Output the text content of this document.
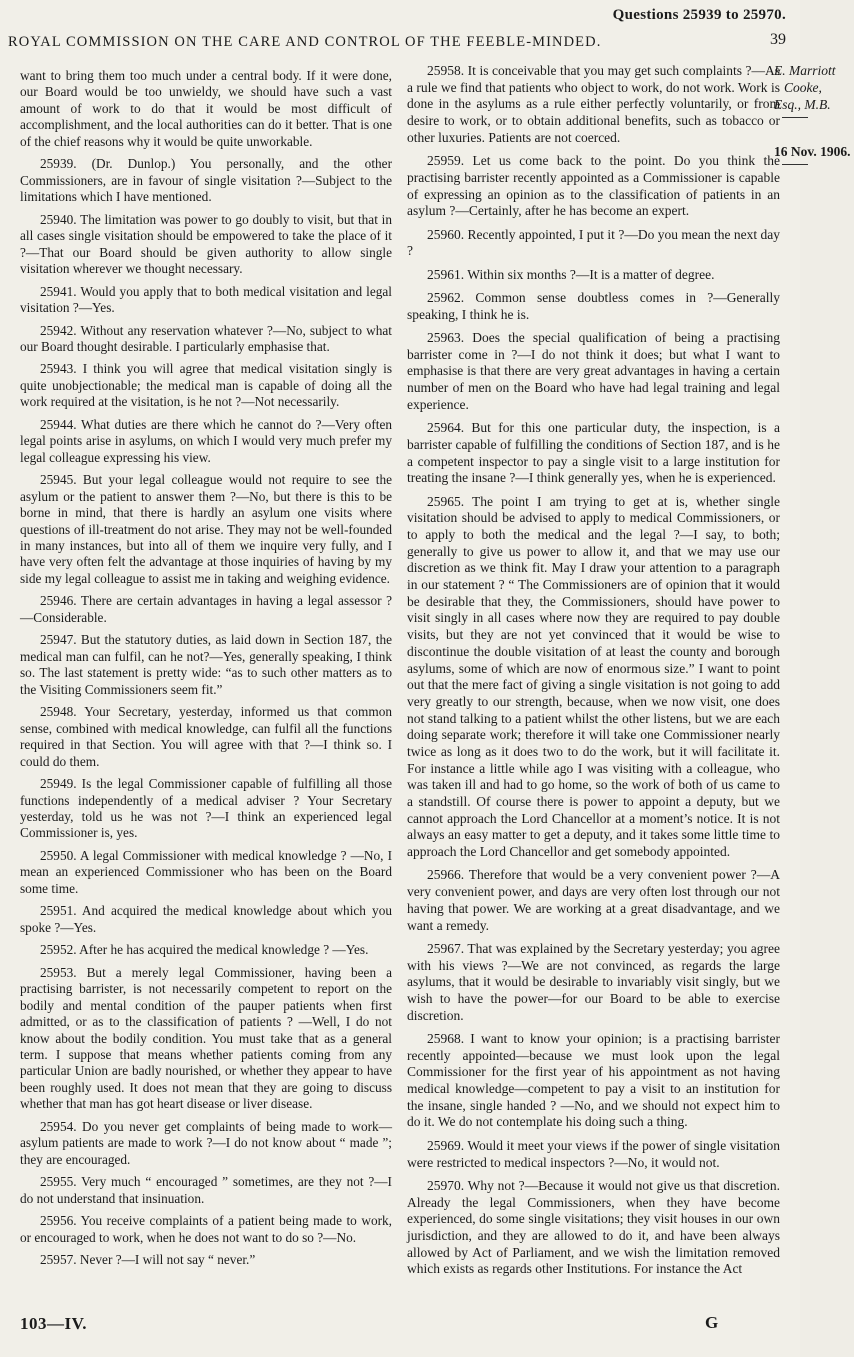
Questions 25939 to 25970.
ROYAL COMMISSION ON THE CARE AND CONTROL OF THE FEEBLE-MINDED.	39

want to bring them too much under a central body. If it were done, our Board would be too unwieldy, we should have such a vast amount of work to do that it would be most difficult of accomplishment, and the local authorities can do it better. That is one of the chief reasons why it would be quite unworkable.

25939. (Dr. Dunlop.) You personally, and the other Commissioners, are in favour of single visitation ?—Subject to the limitations which I have mentioned.

25940. The limitation was power to go doubly to visit, but that in all cases single visitation should be empowered to take the place of it ?—That our Board should be given authority to allow single visitation wherever we thought necessary.

25941. Would you apply that to both medical visitation and legal visitation ?—Yes.

25942. Without any reservation whatever ?—No, subject to what our Board thought desirable. I particularly emphasise that.

25943. I think you will agree that medical visitation singly is quite unobjectionable; the medical man is capable of doing all the work required at the visitation, is he not ?—Not necessarily.

25944. What duties are there which he cannot do ?—Very often legal points arise in asylums, on which I would very much prefer my legal colleague expressing his view.

25945. But your legal colleague would not require to see the asylum or the patient to answer them ?—No, but there is this to be borne in mind, that there is hardly an asylum one visits where questions of ill-treatment do not arise. They may not be well-founded in many instances, but into all of them we inquire very fully, and I have very often felt the advantage at those inquiries of having by my side my legal colleague to assist me in taking and weighing evidence.

25946. There are certain advantages in having a legal assessor ?—Considerable.

25947. But the statutory duties, as laid down in Section 187, the medical man can fulfil, can he not?—Yes, generally speaking, I think so. The last statement is pretty wide: “as to such other matters as to the Visiting Commissioners seem fit.”

25948. Your Secretary, yesterday, informed us that common sense, combined with medical knowledge, can fulfil all the functions required in that Section. You will agree with that ?—I think so. I could do them.

25949. Is the legal Commissioner capable of fulfilling all those functions independently of a medical adviser ? Your Secretary yesterday, told us he was not ?—I think an experienced legal Commissioner is, yes.

25950. A legal Commissioner with medical knowledge ? —No, I mean an experienced Commissioner who has been on the Board some time.

25951. And acquired the medical knowledge about which you spoke ?—Yes.

25952. After he has acquired the medical knowledge ? —Yes.

25953. But a merely legal Commissioner, having been a practising barrister, is not necessarily competent to report on the bodily and mental condition of the pauper patients when first admitted, or as to the classification of patients ? —Well, I do not know about the bodily condition. You must take that as a general term. I suppose that means whether patients coming from any particular Union are badly nourished, or whether they appear to have been roughly used. It does not mean that they are going to discuss whether that man has got heart disease or liver disease.

25954. Do you never get complaints of being made to work—asylum patients are made to work ?—I do not know about “ made ”; they are encouraged.

25955. Very much “ encouraged ” sometimes, are they not ?—I do not understand that insinuation.

25956. You receive complaints of a patient being made to work, or encouraged to work, when he does not want to do so ?—No.

25957. Never ?—I will not say “ never.”

25958. It is conceivable that you may get such complaints ?—As a rule we find that patients who object to work, do not work. Work is done in the asylums as a rule either perfectly voluntarily, or from desire to work, or to obtain additional benefits, such as tobacco or other luxuries. Patients are not coerced.

25959. Let us come back to the point. Do you think the practising barrister recently appointed as a Commissioner is capable of expressing an opinion as to the classification of patients in an asylum ?—Certainly, after he has become an expert.

25960. Recently appointed, I put it ?—Do you mean the next day ?

25961. Within six months ?—It is a matter of degree.

25962. Common sense doubtless comes in ?—Generally speaking, I think he is.

25963. Does the special qualification of being a practising barrister come in ?—I do not think it does; but what I want to emphasise is that there are very great advantages in having a certain number of men on the Board who have had legal training and legal experience.

25964. But for this one particular duty, the inspection, is a barrister capable of fulfilling the conditions of Section 187, and is he a competent inspector to pay a single visit to a large institution for treating the insane ?—I think generally yes, when he is experienced.

25965. The point I am trying to get at is, whether single visitation should be advised to apply to medical Commissioners, or to apply to both the medical and the legal ?—I say, to both; generally to give us power to allow it, and that we may use our discretion as we think fit. May I draw your attention to a paragraph in our statement ? “ The Commissioners are of opinion that it would be desirable that they, the Commissioners, should have power to visit singly in all cases where now they are required to pay double visits, but they are not yet convinced that it would be wise to discontinue the double visitation of at least the county and borough asylums, some of which are now of enormous size.” I want to point out that the mere fact of giving a single visitation is not going to add very greatly to our strength, because, when we now visit, one does not stand talking to a patient whilst the other listens, but we are each doing separate work; therefore it will take one Commissioner nearly twice as long as it does two to do the work, but it will facilitate it. For instance a little while ago I was visiting with a colleague, who was taken ill and had to go home, so the work of both of us came to a standstill. Of course there is power to appoint a deputy, but we cannot approach the Lord Chancellor at a moment’s notice. It is not always an easy matter to get a deputy, and it takes some little time to approach the Lord Chancellor and get somebody appointed.

25966. Therefore that would be a very convenient power ?—A very convenient power, and days are very often lost through our not having that power. We are working at a great disadvantage, and we want a remedy.

25967. That was explained by the Secretary yesterday; you agree with his views ?—We are not convinced, as regards the large asylums, that it would be desirable to invariably visit singly, but we wish to have the power—for our Board to be able to exercise discretion.

25968. I want to know your opinion; is a practising barrister recently appointed—because we must look upon the legal Commissioner for the first year of his appointment as not having medical knowledge—competent to pay a visit to an institution for the insane, single handed ? —No, and we should not expect him to do it. We do not contemplate his doing such a thing.

25969. Would it meet your views if the power of single visitation were restricted to medical inspectors ?—No, it would not.

25970. Why not ?—Because it would not give us that discretion. Already the legal Commissioners, when they have become experienced, do some single visitations; they visit houses in our own jurisdiction, and they are allowed to do it, and have been always allowed by Act of Parliament, and we wish the limitation removed which exists as regards other Institutions. For instance the Act

E. Marriott
Cooke,
Esq., M.B.
16 Nov. 1906.
103—IV.	G
